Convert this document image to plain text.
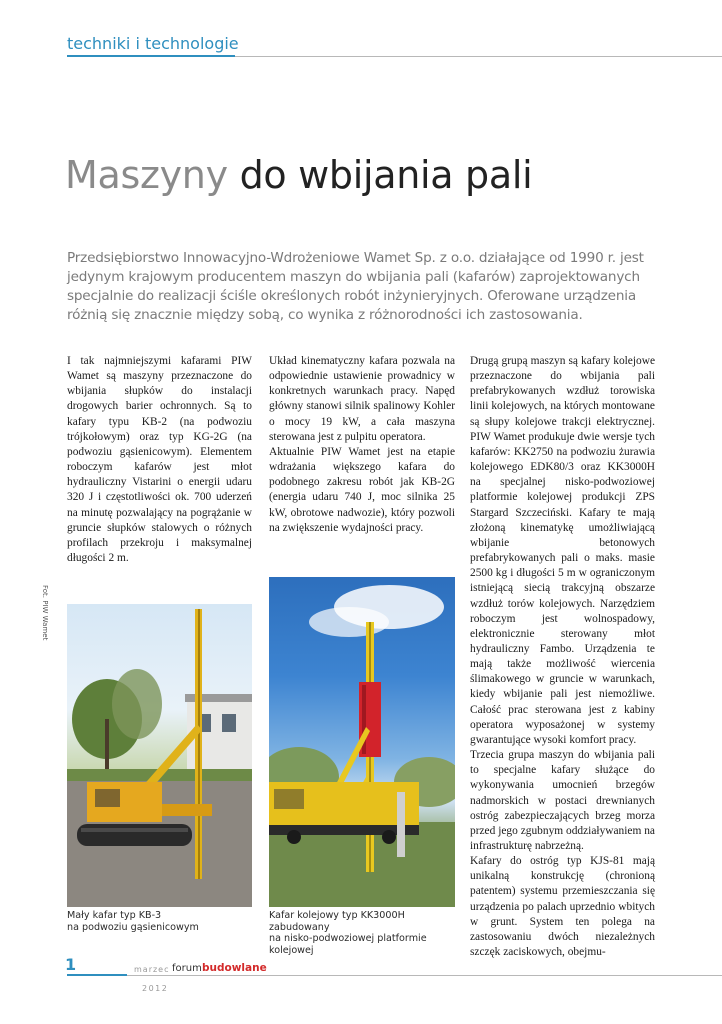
techniki i technologie
Maszyny do wbijania pali

Przedsiębiorstwo Innowacyjno-Wdrożeniowe Wamet Sp. z o.o. działające od 1990 r. jest jedynym krajowym producentem maszyn do wbijania pali (kafarów) zaprojektowanych specjalnie do realizacji ściśle określonych robót inżynieryjnych. Oferowane urządzenia różnią się znacznie między sobą, co wynika z różnorodności ich zastosowania.

I tak najmniejszymi kafarami PIW Wamet są maszyny przeznaczone do wbijania słupków do instalacji drogowych barier ochronnych. Są to kafary typu KB-2 (na podwoziu trójkołowym) oraz typ KG-2G (na podwoziu gąsienicowym). Elementem roboczym kafarów jest młot hydrauliczny Vistarini o energii udaru 320 J i częstotliwości ok. 700 uderzeń na minutę pozwalający na pogrążanie w gruncie słupków stalowych o różnych profilach przekroju i maksymalnej długości 2 m.

Układ kinematyczny kafara pozwala na odpowiednie ustawienie prowadnicy w konkretnych warunkach pracy. Napęd główny stanowi silnik spalinowy Kohler o mocy 19 kW, a cała maszyna sterowana jest z pulpitu operatora.

Aktualnie PIW Wamet jest na etapie wdrażania większego kafara do podobnego zakresu robót jak KB-2G (energia udaru 740 J, moc silnika 25 kW, obrotowe nadwozie), który pozwoli na zwiększenie wydajności pracy.

Drugą grupą maszyn są kafary kolejowe przeznaczone do wbijania pali prefabrykowanych wzdłuż torowiska linii kolejowych, na których montowane są słupy kolejowe trakcji elektrycznej. PIW Wamet produkuje dwie wersje tych kafarów: KK2750 na podwoziu żurawia kolejowego EDK80/3 oraz KK3000H na specjalnej nisko-podwoziowej platformie kolejowej produkcji ZPS Stargard Szczeciński. Kafary te mają złożoną kinematykę umożliwiającą wbijanie betonowych prefabrykowanych pali o maks. masie 2500 kg i długości 5 m w ograniczonym istniejącą siecią trakcyjną obszarze wzdłuż torów kolejowych. Narzędziem roboczym jest wolnospadowy, elektronicznie sterowany młot hydrauliczny Fambo. Urządzenia te mają także możliwość wiercenia ślimakowego w gruncie w warunkach, kiedy wbijanie pali jest niemożliwe. Całość prac sterowana jest z kabiny operatora wyposażonej w systemy gwarantujące wysoki komfort pracy.

Trzecia grupa maszyn do wbijania pali to specjalne kafary służące do wykonywania umocnień brzegów nadmorskich w postaci drewnianych ostróg zabezpieczających brzeg morza przed jego zgubnym oddziaływaniem na infrastrukturę nabrzeżną.

Kafary do ostróg typ KJS-81 mają unikalną konstrukcję (chronioną patentem) systemu przemieszczania się urządzenia po palach uprzednio wbitych w grunt. System ten polega na zastosowaniu dwóch niezależnych szczęk zaciskowych, obejmu-

Fot. PIW Wamet

Mały kafar typ KB-3
na podwoziu gąsienicowym

Kafar kolejowy typ KK3000H zabudowany
na nisko-podwoziowej platformie kolejowej

1	marzec forum budowlane
2012
